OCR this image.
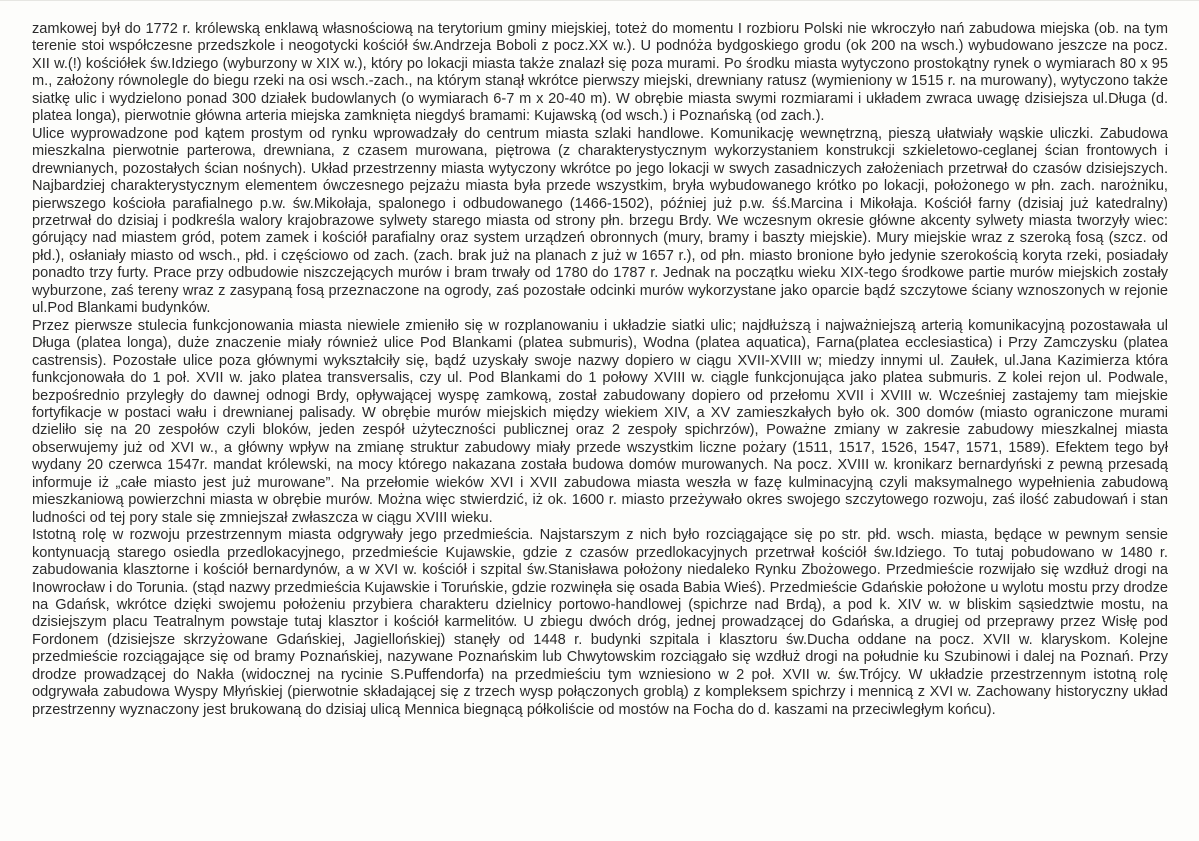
zamkowej był do 1772 r. królewską enklawą własnościową na terytorium gminy miejskiej, toteż do momentu I rozbioru Polski nie wkroczyło nań zabudowa miejska (ob. na tym terenie stoi współczesne przedszkole i neogotycki kościół św.Andrzeja Boboli z pocz.XX w.). U podnóża bydgoskiego grodu (ok 200 na wsch.) wybudowano jeszcze na pocz. XII w.(!) kościółek św.Idziego (wyburzony w XIX w.), który po lokacji miasta także znalazł się poza murami. Po środku miasta wytyczono prostokątny rynek o wymiarach 80 x 95 m., założony równolegle do biegu rzeki na osi wsch.-zach., na którym stanął wkrótce pierwszy miejski, drewniany ratusz (wymieniony w 1515 r. na murowany), wytyczono także siatkę ulic i wydzielono ponad 300 działek budowlanych (o wymiarach 6-7 m x 20-40 m). W obrębie miasta swymi rozmiarami i układem zwraca uwagę dzisiejsza ul.Długa (d. platea longa), pierwotnie główna arteria miejska zamknięta niegdyś bramami: Kujawską (od wsch.) i Poznańską (od zach.).

Ulice wyprowadzone pod kątem prostym od rynku wprowadzały do centrum miasta szlaki handlowe. Komunikację wewnętrzną, pieszą ułatwiały wąskie uliczki. Zabudowa mieszkalna pierwotnie parterowa, drewniana, z czasem murowana, piętrowa (z charakterystycznym wykorzystaniem konstrukcji szkieletowo-ceglanej ścian frontowych i drewnianych, pozostałych ścian nośnych). Układ przestrzenny miasta wytyczony wkrótce po jego lokacji w swych zasadniczych założeniach przetrwał do czasów dzisiejszych. Najbardziej charakterystycznym elementem ówczesnego pejzażu miasta była przede wszystkim, bryła wybudowanego krótko po lokacji, położonego w płn. zach. narożniku, pierwszego kościoła parafialnego p.w. św.Mikołaja, spalonego i odbudowanego (1466-1502), później już p.w. śś.Marcina i Mikołaja. Kościół farny (dzisiaj już katedralny) przetrwał do dzisiaj i podkreśla walory krajobrazowe sylwety starego miasta od strony płn. brzegu Brdy. We wczesnym okresie główne akcenty sylwety miasta tworzyły wiec: górujący nad miastem gród, potem zamek i kościół parafialny oraz system urządzeń obronnych (mury, bramy i baszty miejskie). Mury miejskie wraz z szeroką fosą (szcz. od płd.), osłaniały miasto od wsch., płd. i częściowo od zach. (zach. brak już na planach z już w 1657 r.), od płn. miasto bronione było jedynie szerokością koryta rzeki, posiadały ponadto trzy furty. Prace przy odbudowie niszczejących murów i bram trwały od 1780 do 1787 r. Jednak na początku wieku XIX-tego środkowe partie murów miejskich zostały wyburzone, zaś tereny wraz z zasypaną fosą przeznaczone na ogrody, zaś pozostałe odcinki murów wykorzystane jako oparcie bądź szczytowe ściany wznoszonych w rejonie ul.Pod Blankami budynków.

Przez pierwsze stulecia funkcjonowania miasta niewiele zmieniło się w rozplanowaniu i układzie siatki ulic; najdłuższą i najważniejszą arterią komunikacyjną pozostawała ul Długa (platea longa), duże znaczenie miały również ulice Pod Blankami (platea submuris), Wodna (platea aquatica), Farna(platea ecclesiastica) i Przy Zamczysku (platea castrensis). Pozostałe ulice poza głównymi wykształciły się, bądź uzyskały swoje nazwy dopiero w ciągu XVII-XVIII w; miedzy innymi ul. Zaułek, ul.Jana Kazimierza która funkcjonowała do 1 poł. XVII w. jako platea transversalis, czy ul. Pod Blankami do 1 połowy XVIII w. ciągle funkcjonująca jako platea submuris. Z kolei rejon ul. Podwale, bezpośrednio przyległy do dawnej odnogi Brdy, opływającej wyspę zamkową, został zabudowany dopiero od przełomu XVII i XVIII w. Wcześniej zastajemy tam miejskie fortyfikacje w postaci wału i drewnianej palisady. W obrębie murów miejskich między wiekiem XIV, a XV zamieszkałych było ok. 300 domów (miasto ograniczone murami dzieliło się na 20 zespołów czyli bloków, jeden zespół użyteczności publicznej oraz 2 zespoły spichrzów), Poważne zmiany w zakresie zabudowy mieszkalnej miasta obserwujemy już od XVI w., a główny wpływ na zmianę struktur zabudowy miały przede wszystkim liczne pożary (1511, 1517, 1526, 1547, 1571, 1589). Efektem tego był wydany 20 czerwca 1547r. mandat królewski, na mocy którego nakazana została budowa domów murowanych. Na pocz. XVIII w. kronikarz bernardyński z pewną przesadą informuje iż „całe miasto jest już murowane”. Na przełomie wieków XVI i XVII zabudowa miasta weszła w fazę kulminacyjną czyli maksymalnego wypełnienia zabudową mieszkaniową powierzchni miasta w obrębie murów. Można więc stwierdzić, iż ok. 1600 r. miasto przeżywało okres swojego szczytowego rozwoju, zaś ilość zabudowań i stan ludności od tej pory stale się zmniejszał zwłaszcza w ciągu XVIII wieku.

Istotną rolę w rozwoju przestrzennym miasta odgrywały jego przedmieścia. Najstarszym z nich było rozciągające się po str. płd. wsch. miasta, będące w pewnym sensie kontynuacją starego osiedla przedlokacyjnego, przedmieście Kujawskie, gdzie z czasów przedlokacyjnych przetrwał kościół św.Idziego. To tutaj pobudowano w 1480 r. zabudowania klasztorne i kościół bernardynów, a w XVI w. kościół i szpital św.Stanisława położony niedaleko Rynku Zbożowego. Przedmieście rozwijało się wzdłuż drogi na Inowrocław i do Torunia. (stąd nazwy przedmieścia Kujawskie i Toruńskie, gdzie rozwinęła się osada Babia Wieś). Przedmieście Gdańskie położone u wylotu mostu przy drodze na Gdańsk, wkrótce dzięki swojemu położeniu przybiera charakteru dzielnicy portowo-handlowej (spichrze nad Brdą), a pod k. XIV w. w bliskim sąsiedztwie mostu, na dzisiejszym placu Teatralnym powstaje tutaj klasztor i kościół karmelitów. U zbiegu dwóch dróg, jednej prowadzącej do Gdańska, a drugiej od przeprawy przez Wisłę pod Fordonem (dzisiejsze skrzyżowane Gdańskiej, Jagiellońskiej) stanęły od 1448 r. budynki szpitala i klasztoru św.Ducha oddane na pocz. XVII w. klaryskom. Kolejne przedmieście rozciągające się od bramy Poznańskiej, nazywane Poznańskim lub Chwytowskim rozciągało się wzdłuż drogi na południe ku Szubinowi i dalej na Poznań. Przy drodze prowadzącej do Nakła (widocznej na rycinie S.Puffendorfa) na przedmieściu tym wzniesiono w 2 poł. XVII w. św.Trójcy. W układzie przestrzennym istotną rolę odgrywała zabudowa Wyspy Młyńskiej (pierwotnie składającej się z trzech wysp połączonych groblą) z kompleksem spichrzy i mennicą z XVI w. Zachowany historyczny układ przestrzenny wyznaczony jest brukowaną do dzisiaj ulicą Mennica biegnącą półkoliście od mostów na Focha do d. kaszami na przeciwległym końcu).
